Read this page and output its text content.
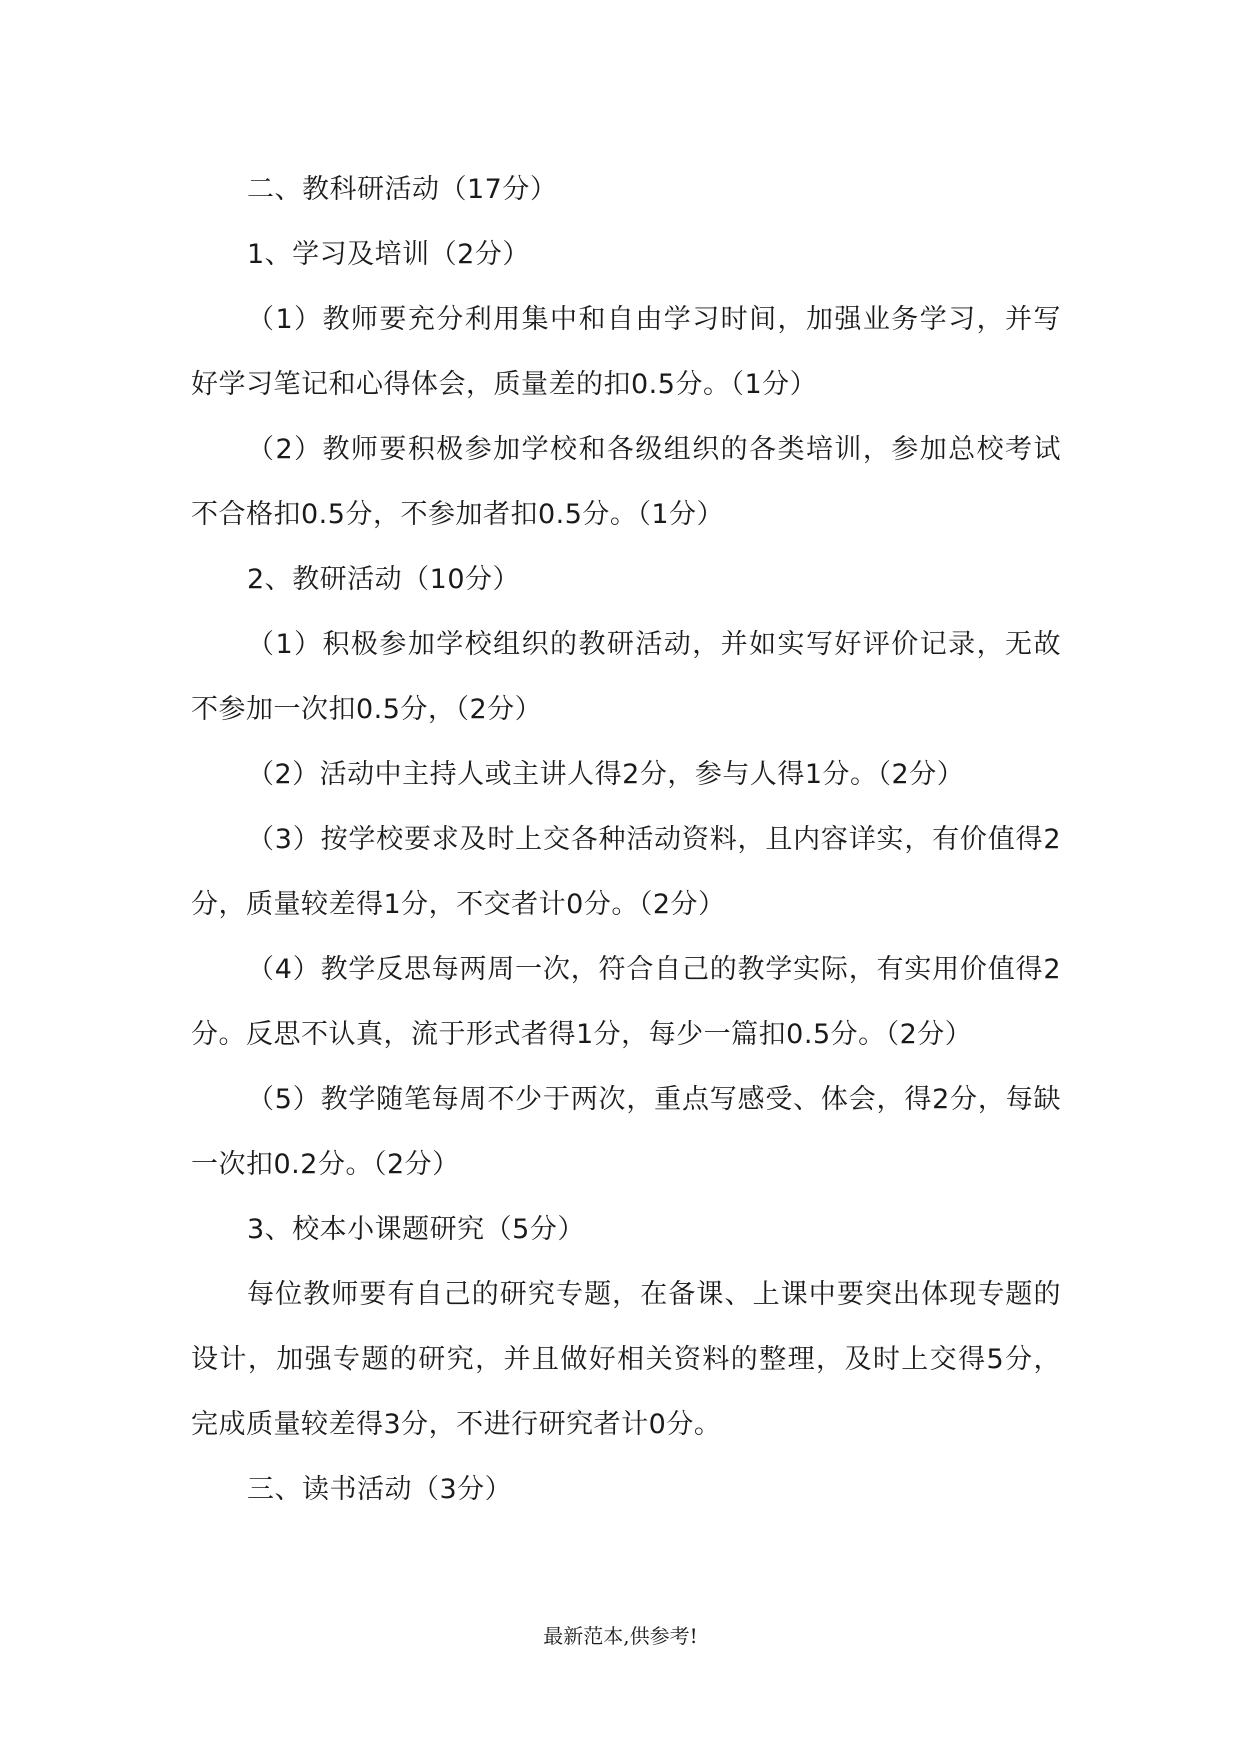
二、教科研活动（17分）

1、学习及培训（2分）

（1）教师要充分利用集中和自由学习时间，加强业务学习，并写好学习笔记和心得体会，质量差的扣0.5分。（1分）

（2）教师要积极参加学校和各级组织的各类培训，参加总校考试不合格扣0.5分，不参加者扣0.5分。（1分）

2、教研活动（10分）

（1）积极参加学校组织的教研活动，并如实写好评价记录，无故不参加一次扣0.5分，（2分）

（2）活动中主持人或主讲人得2分，参与人得1分。（2分）

（3）按学校要求及时上交各种活动资料，且内容详实，有价值得2分，质量较差得1分，不交者计0分。（2分）

（4）教学反思每两周一次，符合自己的教学实际，有实用价值得2分。反思不认真，流于形式者得1分，每少一篇扣0.5分。（2分）

（5）教学随笔每周不少于两次，重点写感受、体会，得2分，每缺一次扣0.2分。（2分）

3、校本小课题研究（5分）

每位教师要有自己的研究专题，在备课、上课中要突出体现专题的设计，加强专题的研究，并且做好相关资料的整理，及时上交得5分，完成质量较差得3分，不进行研究者计0分。

三、读书活动（3分）

最新范本,供参考!
